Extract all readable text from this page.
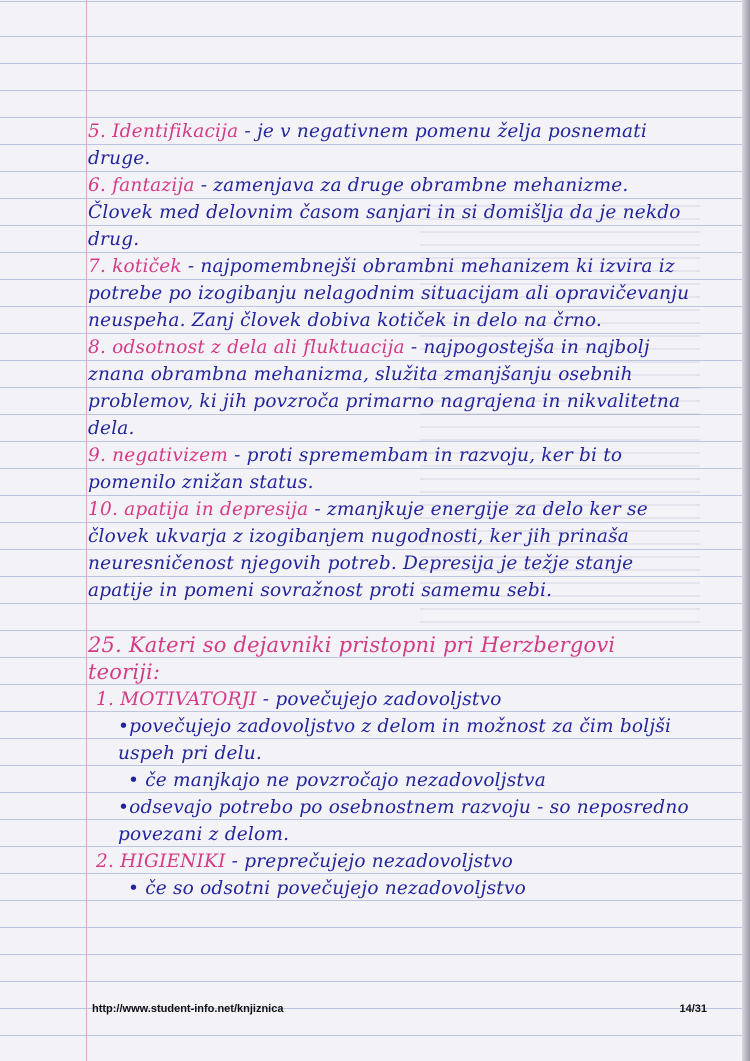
5. Identifikacija - je v negativnem pomenu želja posnemati druge.

6. fantazija - zamenjava za druge obrambne mehanizme. Človek med delovnim časom sanjari in si domišlja da je nekdo drug.

7. kotiček - najpomembnejši obrambni mehanizem ki izvira iz potrebe po izogibanju nelagodnim situacijam ali opravičevanju neuspeha. Zanj človek dobiva kotiček in delo na črno.

8. odsotnost z dela ali fluktuacija - najpogostejša in najbolj znana obrambna mehanizma, služita zmanjšanju osebnih problemov, ki jih povzroča primarno nagrajena in nikvalitetna dela.

9. negativizem - proti spremembam in razvoju, ker bi to pomenilo znižan status.

10. apatija in depresija - zmanjkuje energije za delo ker se človek ukvarja z izogibanjem nugodnosti, ker jih prinaša neuresničenost njegovih potreb. Depresija je težje stanje apatije in pomeni sovražnost proti samemu sebi.

25. Kateri so dejavniki pristopni pri Herzbergovi teoriji:

1. MOTIVATORJI - povečujejo zadovoljstvo

•povečujejo zadovoljstvo z delom in možnost za čim boljši uspeh pri delu.

• če manjkajo ne povzročajo nezadovoljstva

•odsevajo potrebo po osebnostnem razvoju - so neposredno povezani z delom.

2. HIGIENIKI - preprečujejo nezadovoljstvo

• če so odsotni povečujejo nezadovoljstvo

http://www.student-info.net/knjiznica	14/31
